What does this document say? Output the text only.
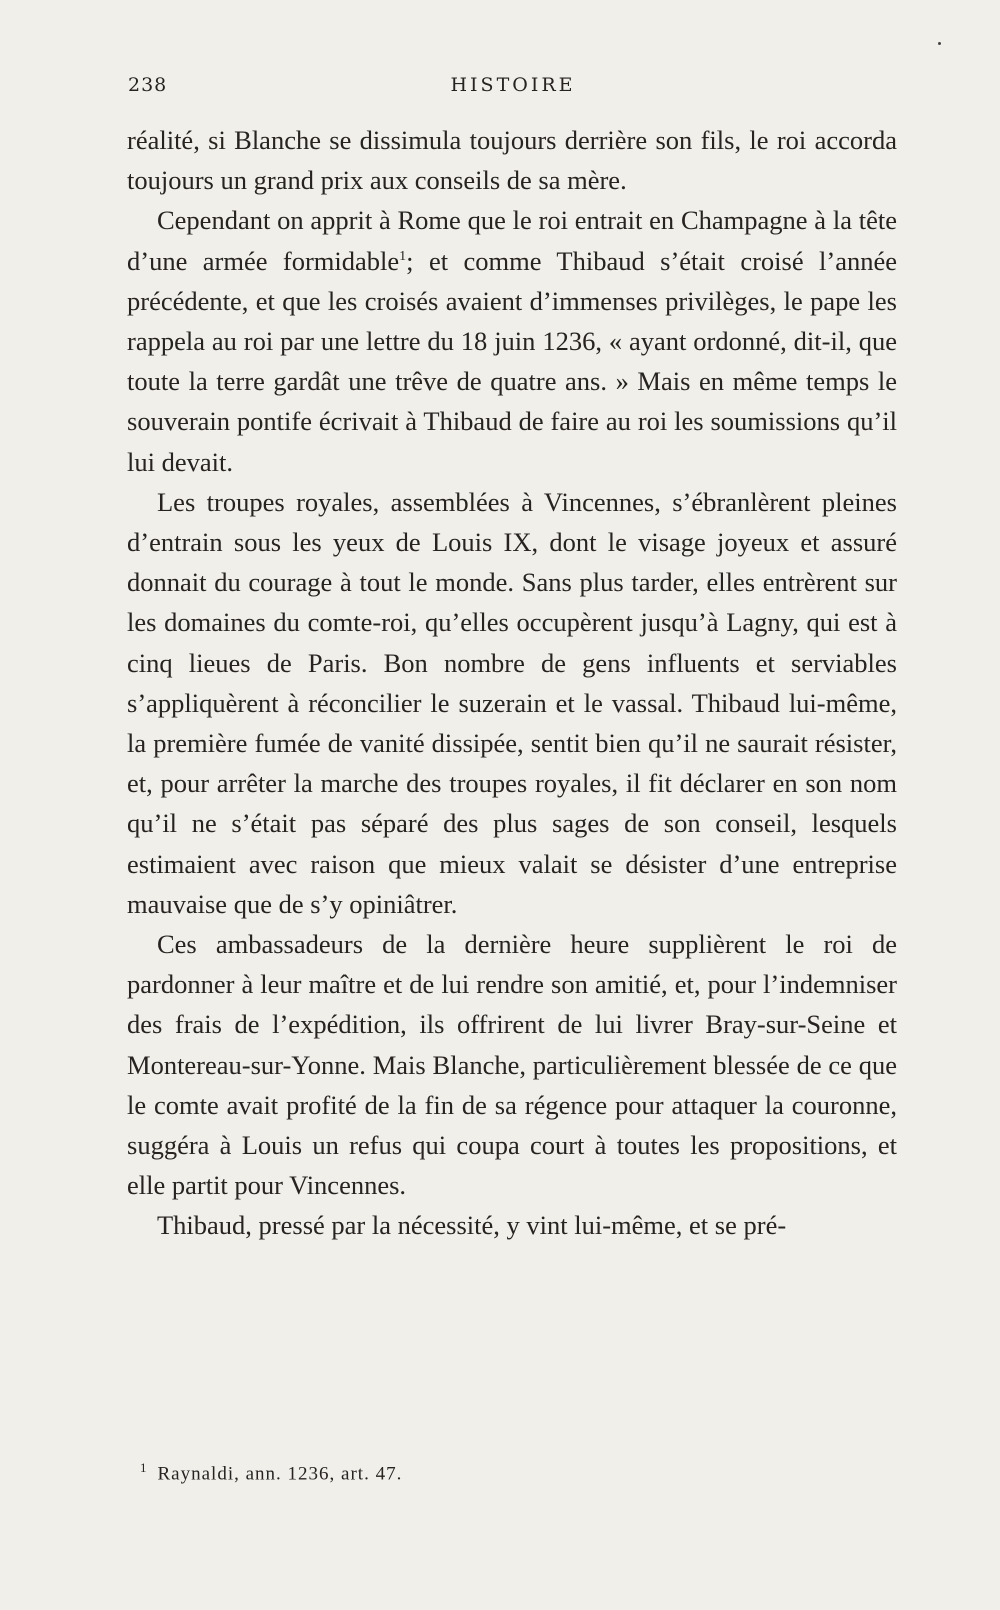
238	HISTOIRE

réalité, si Blanche se dissimula toujours derrière son fils, le roi accorda toujours un grand prix aux conseils de sa mère.

Cependant on apprit à Rome que le roi entrait en Champagne à la tête d’une armée formidable$^1$; et comme Thibaud s’était croisé l’année précédente, et que les croisés avaient d’immenses privilèges, le pape les rappela au roi par une lettre du 18 juin 1236, « ayant ordonné, dit-il, que toute la terre gardât une trêve de quatre ans. » Mais en même temps le souverain pontife écrivait à Thibaud de faire au roi les soumissions qu’il lui devait.

Les troupes royales, assemblées à Vincennes, s’ébranlèrent pleines d’entrain sous les yeux de Louis IX, dont le visage joyeux et assuré donnait du courage à tout le monde. Sans plus tarder, elles entrèrent sur les domaines du comte-roi, qu’elles occupèrent jusqu’à Lagny, qui est à cinq lieues de Paris. Bon nombre de gens influents et serviables s’appliquèrent à réconcilier le suzerain et le vassal. Thibaud lui-même, la première fumée de vanité dissipée, sentit bien qu’il ne saurait résister, et, pour arrêter la marche des troupes royales, il fit déclarer en son nom qu’il ne s’était pas séparé des plus sages de son conseil, lesquels estimaient avec raison que mieux valait se désister d’une entreprise mauvaise que de s’y opiniâtrer.

Ces ambassadeurs de la dernière heure supplièrent le roi de pardonner à leur maître et de lui rendre son amitié, et, pour l’indemniser des frais de l’expédition, ils offrirent de lui livrer Bray-sur-Seine et Montereau-sur-Yonne. Mais Blanche, particulièrement blessée de ce que le comte avait profité de la fin de sa régence pour attaquer la couronne, suggéra à Louis un refus qui coupa court à toutes les propositions, et elle partit pour Vincennes.

Thibaud, pressé par la nécessité, y vint lui-même, et se pré-

$^1$ Raynaldi, ann. 1236, art. 47.
